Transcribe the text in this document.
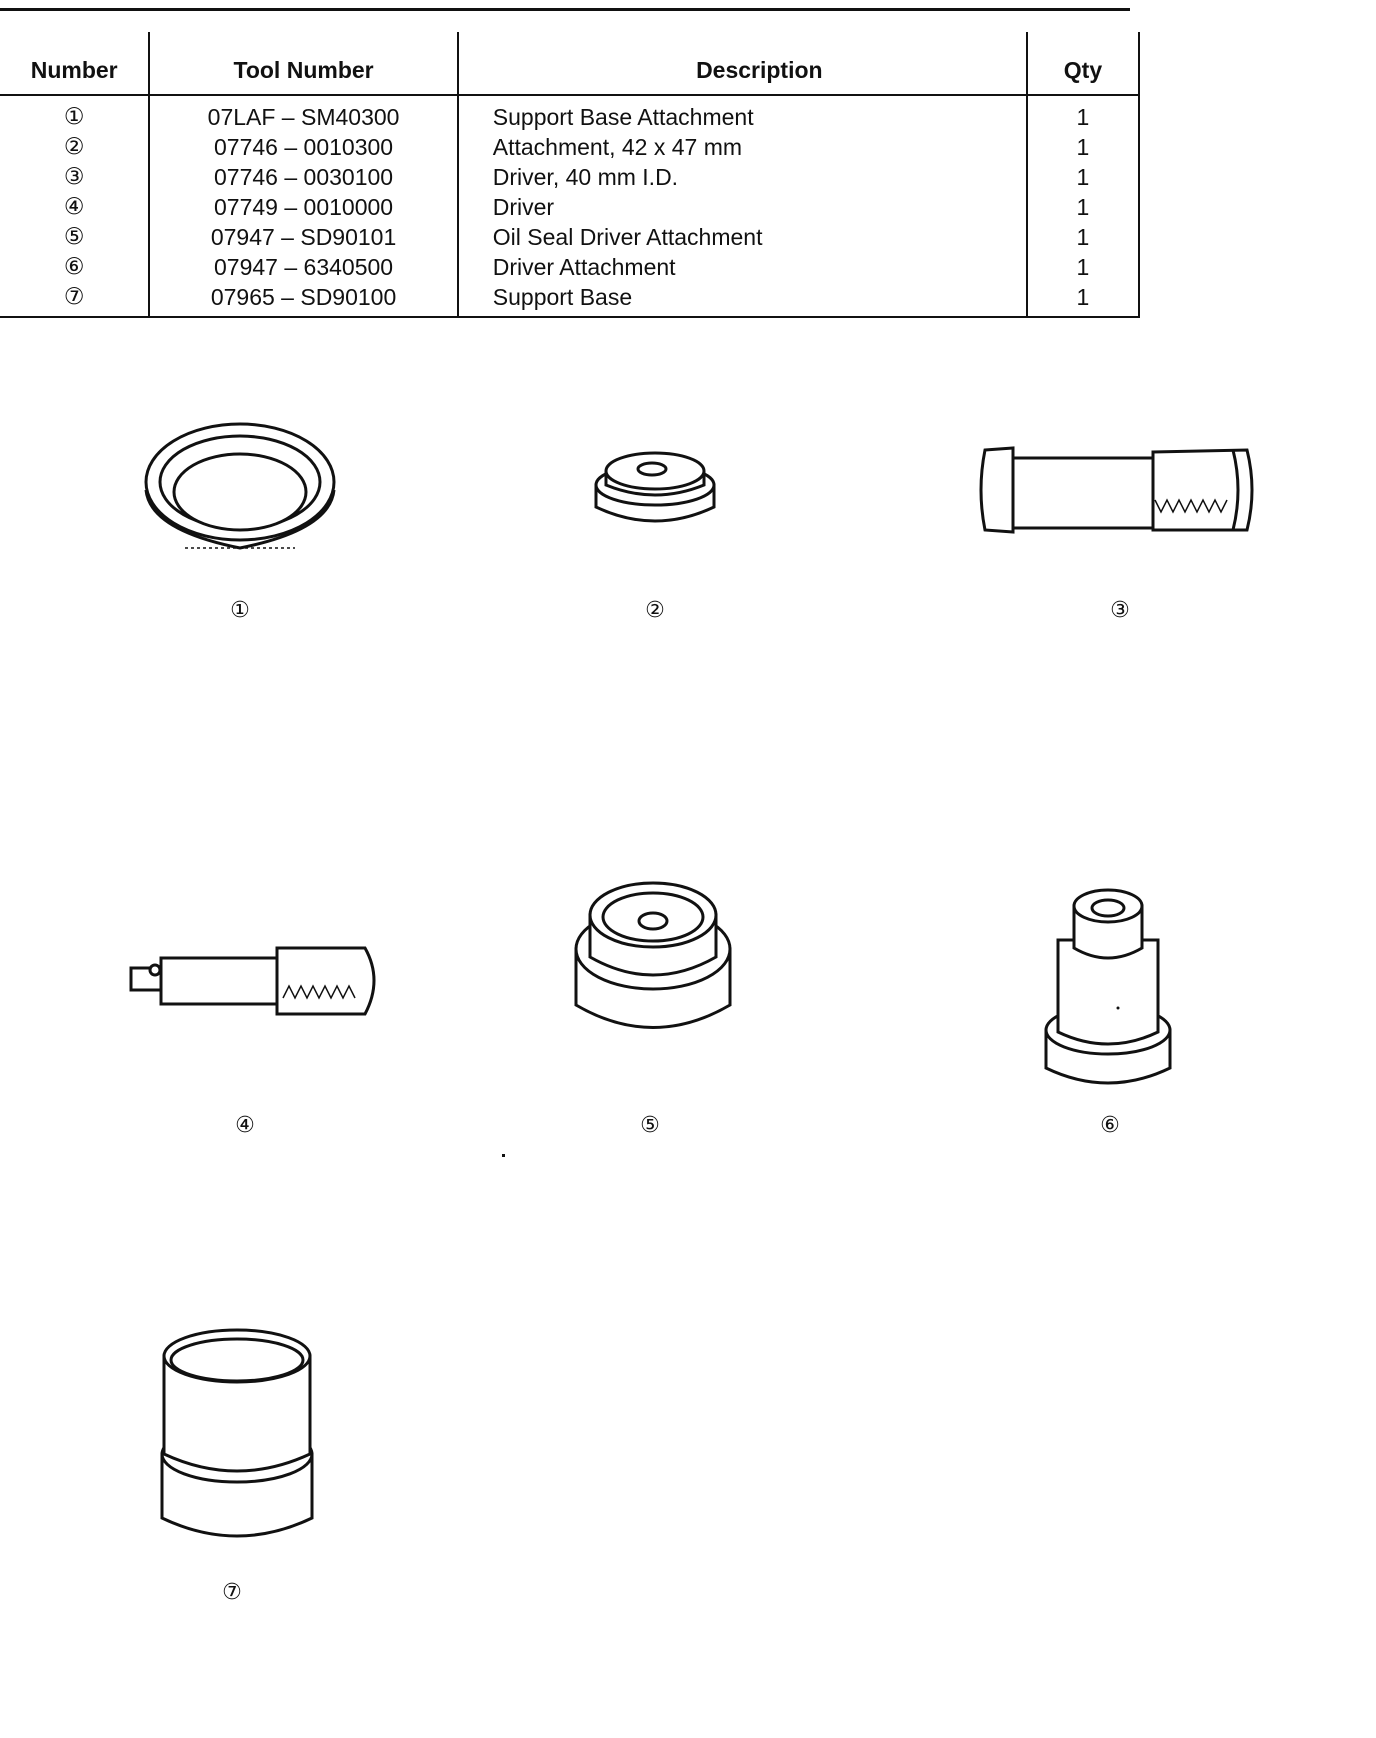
Number	Tool Number	Description	Qty
①	07LAF – SM40300	Support Base Attachment	1
②	07746 – 0010300	Attachment, 42 x 47 mm	1
③	07746 – 0030100	Driver, 40 mm I.D.	1
④	07749 – 0010000	Driver	1
⑤	07947 – SD90101	Oil Seal Driver Attachment	1
⑥	07947 – 6340500	Driver Attachment	1
⑦	07965 – SD90100	Support Base	1
①	②	③
④	⑤	⑥
⑦
